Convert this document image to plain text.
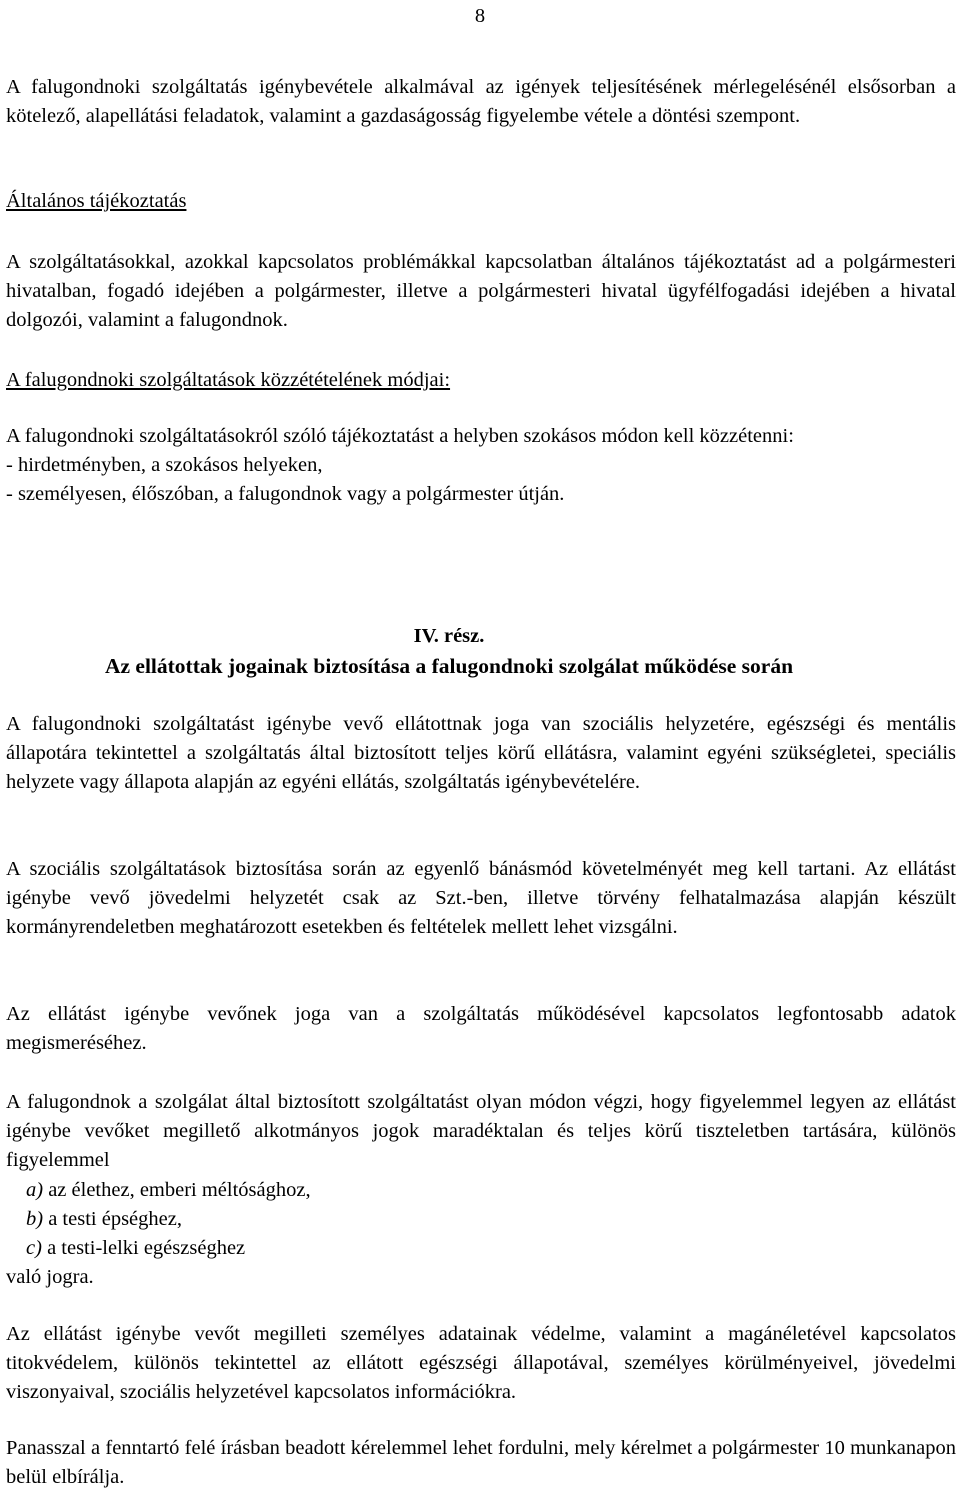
8

A falugondnoki szolgáltatás igénybevétele alkalmával az igények teljesítésének mérlegelésénél elsősorban a kötelező, alapellátási feladatok, valamint a gazdaságosság figyelembe vétele a döntési szempont.

Általános tájékoztatás

A szolgáltatásokkal, azokkal kapcsolatos problémákkal kapcsolatban általános tájékoztatást ad a polgármesteri hivatalban, fogadó idejében a polgármester, illetve a polgármesteri hivatal ügyfélfogadási idejében a hivatal dolgozói, valamint a falugondnok.

A falugondnoki szolgáltatások közzétételének módjai:

A falugondnoki szolgáltatásokról szóló tájékoztatást a helyben szokásos módon kell közzétenni:

- hirdetményben, a szokásos helyeken,

- személyesen, élőszóban, a falugondnok vagy a polgármester útján.

IV. rész.
Az ellátottak jogainak biztosítása a falugondnoki szolgálat működése során

A falugondnoki szolgáltatást igénybe vevő ellátottnak joga van szociális helyzetére, egészségi és mentális állapotára tekintettel a szolgáltatás által biztosított teljes körű ellátásra, valamint egyéni szükségletei, speciális helyzete vagy állapota alapján az egyéni ellátás, szolgáltatás igénybevételére.

A szociális szolgáltatások biztosítása során az egyenlő bánásmód követelményét meg kell tartani. Az ellátást igénybe vevő jövedelmi helyzetét csak az Szt.-ben, illetve törvény felhatalmazása alapján készült kormányrendeletben meghatározott esetekben és feltételek mellett lehet vizsgálni.

Az ellátást igénybe vevőnek joga van a szolgáltatás működésével kapcsolatos legfontosabb adatok megismeréséhez.

A falugondnok a szolgálat által biztosított szolgáltatást olyan módon végzi, hogy figyelemmel legyen az ellátást igénybe vevőket megillető alkotmányos jogok maradéktalan és teljes körű tiszteletben tartására, különös figyelemmel

a) az élethez, emberi méltósághoz,

b) a testi épséghez,

c) a testi-lelki egészséghez

való jogra.

Az ellátást igénybe vevőt megilleti személyes adatainak védelme, valamint a magánéletével kapcsolatos titokvédelem, különös tekintettel az ellátott egészségi állapotával, személyes körülményeivel, jövedelmi viszonyaival, szociális helyzetével kapcsolatos információkra.

Panasszal a fenntartó felé írásban beadott kérelemmel lehet fordulni, mely kérelmet a polgármester 10 munkanapon belül elbírálja.
